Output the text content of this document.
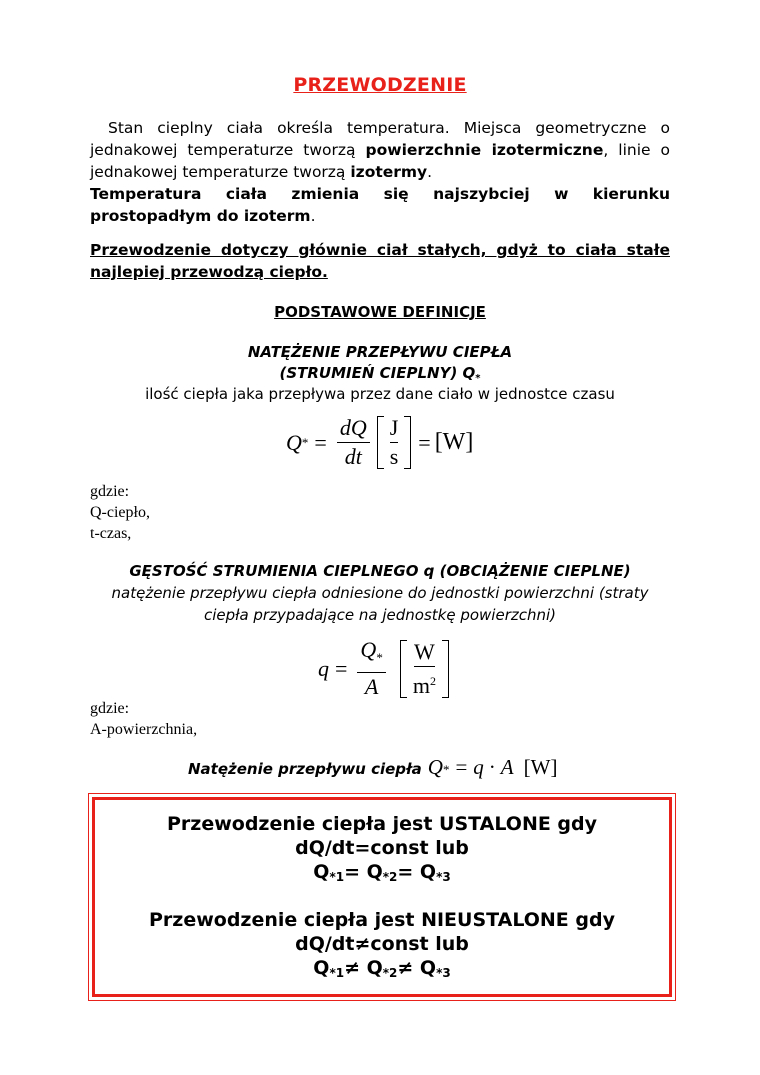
PRZEWODZENIE
Stan cieplny ciała określa temperatura. Miejsca geometryczne o jednakowej temperaturze tworzą powierzchnie izotermiczne, linie o jednakowej temperaturze tworzą izotermy.
Temperatura ciała zmienia się najszybciej w kierunku prostopadłym do izoterm.
Przewodzenie dotyczy głównie ciał stałych, gdyż to ciała stałe najlepiej przewodzą ciepło.
PODSTAWOWE DEFINICJE
NATĘŻENIE PRZEPŁYWU CIEPŁA
(STRUMIEŃ CIEPLNY) $Q_*$
ilość ciepła jaka przepływa przez dane ciało w jednostce czasu
Q * = $\frac{dQ}{dt} \frac{J}{s} = [W]$
gdzie:
Q-ciepło,
t-czas,
GĘSTOŚĆ STRUMIENIA CIEPLNEGO q (OBCIĄŻENIE CIEPLNE)
natężenie przepływu ciepła odniesione do jednostki powierzchni (straty
ciepła przypadające na jednostkę powierzchni)
$q = \frac{Q_*}{A} \frac{W}{m^2}$
gdzie:
A-powierzchnia,
Natężenie przepływu ciepła Q * = q · A [W]
Przewodzenie ciepła jest USTALONE gdy
dQ/dt=const lub
$Q_{*1}= Q_{*2}= Q_{*3}$
Przewodzenie ciepła jest NIEUSTALONE gdy
dQ/dt≠const lub
$Q_{*1}\ne Q_{*2}\ne Q_{*3}$
